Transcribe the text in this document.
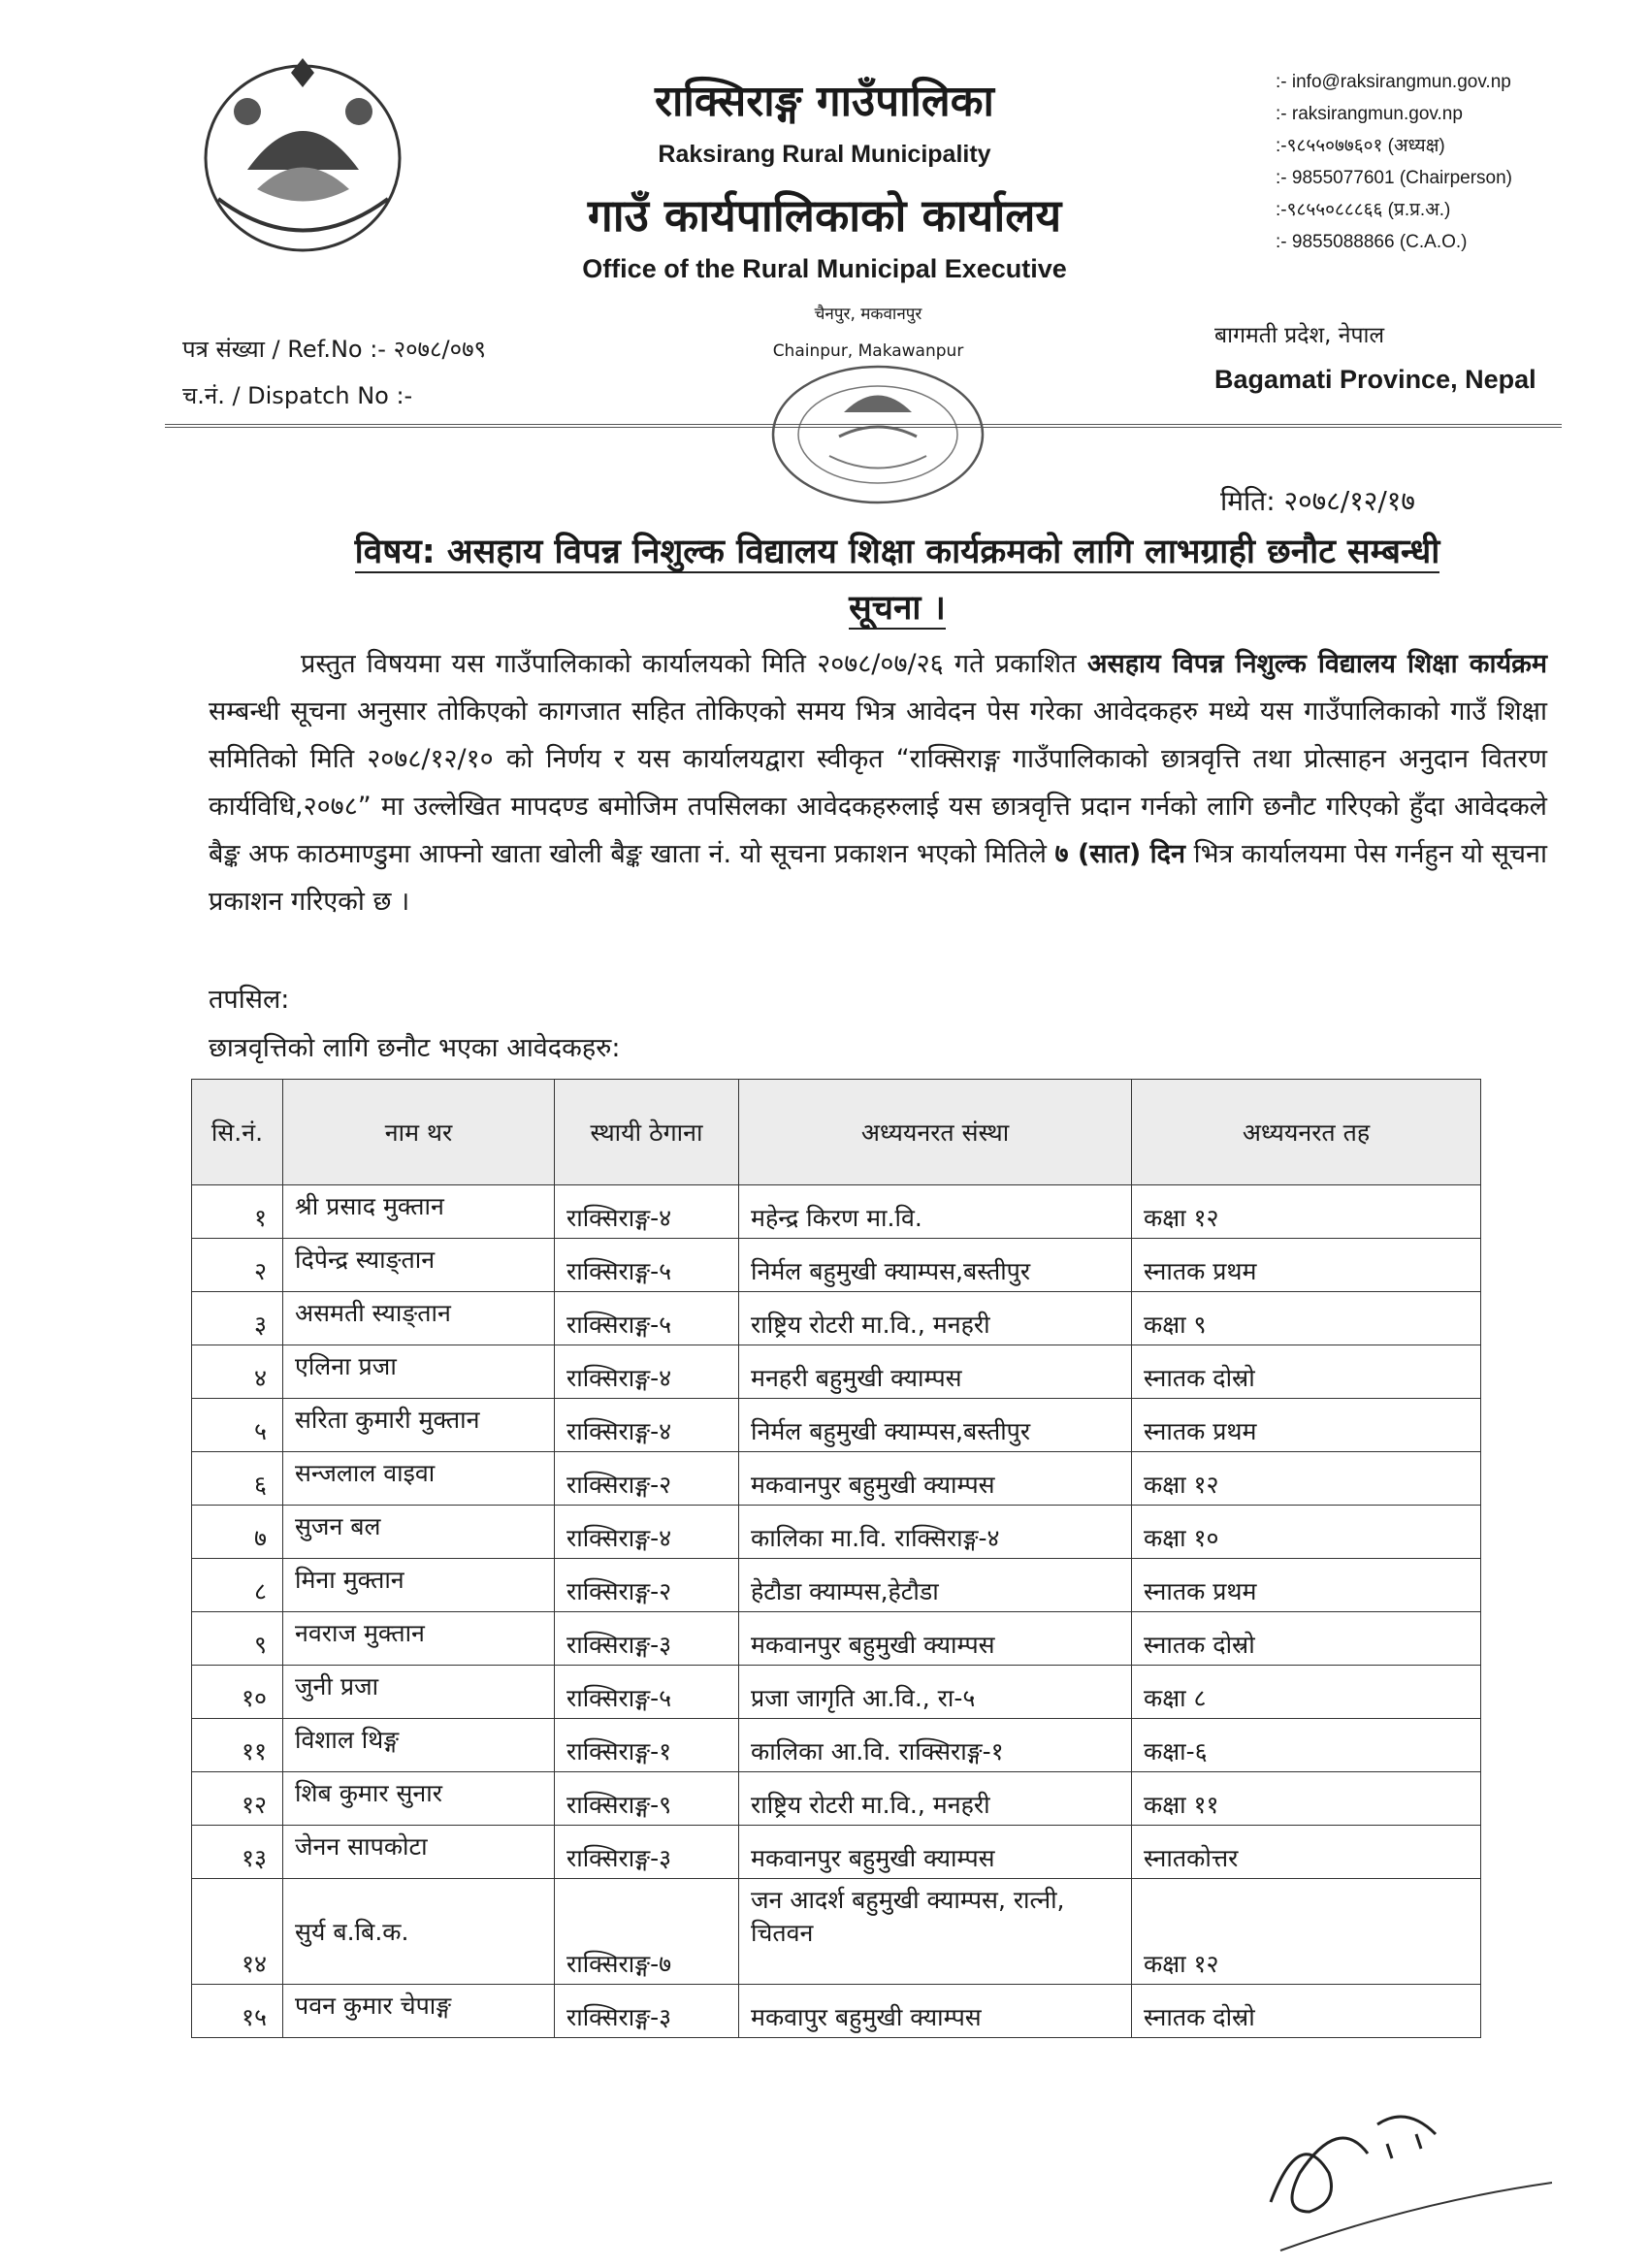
राक्सिराङ्ग गाउँपालिका
Raksirang Rural Municipality
गाउँ कार्यपालिकाको कार्यालय
Office of the Rural Municipal Executive
:- info@raksirangmun.gov.np
:- raksirangmun.gov.np
:-९८५५०७७६०१ (अध्यक्ष)
:- 9855077601 (Chairperson)
:-९८५५०८८८६६ (प्र.प्र.अ.)
:- 9855088866 (C.A.O.)
पत्र संख्या / Ref.No :- २०७८/०७९
च.नं. / Dispatch No :-
चैनपुर, मकवानपुर
Chainpur, Makawanpur
बागमती प्रदेश, नेपाल
Bagamati Province, Nepal
मिति: २०७८/१२/१७
विषय: असहाय विपन्न निशुल्क विद्यालय शिक्षा कार्यक्रमको लागि लाभग्राही छनौट सम्बन्धी
सूचना ।
प्रस्तुत विषयमा यस गाउँपालिकाको कार्यालयको मिति २०७८/०७/२६ गते प्रकाशित असहाय विपन्न निशुल्क विद्यालय शिक्षा कार्यक्रम सम्बन्धी सूचना अनुसार तोकिएको कागजात सहित तोकिएको समय भित्र आवेदन पेस गरेका आवेदकहरु मध्ये यस गाउँपालिकाको गाउँ शिक्षा समितिको मिति २०७८/१२/१० को निर्णय र यस कार्यालयद्वारा स्वीकृत “राक्सिराङ्ग गाउँपालिकाको छात्रवृत्ति तथा प्रोत्साहन अनुदान वितरण कार्यविधि,२०७८” मा उल्लेखित मापदण्ड बमोजिम तपसिलका आवेदकहरुलाई यस छात्रवृत्ति प्रदान गर्नको लागि छनौट गरिएको हुँदा आवेदकले बैङ्क अफ काठमाण्डुमा आफ्नो खाता खोली बैङ्क खाता नं. यो सूचना प्रकाशन भएको मितिले ७ (सात) दिन भित्र कार्यालयमा पेस गर्नहुन यो सूचना प्रकाशन गरिएको छ ।
तपसिल:
छात्रवृत्तिको लागि छनौट भएका आवेदकहरु:
सि.नं.	नाम थर	स्थायी ठेगाना	अध्ययनरत संस्था	अध्ययनरत तह
१	श्री प्रसाद मुक्तान	राक्सिराङ्ग-४	महेन्द्र किरण मा.वि.	कक्षा १२
२	दिपेन्द्र स्याङ्तान	राक्सिराङ्ग-५	निर्मल बहुमुखी क्याम्पस,बस्तीपुर	स्नातक प्रथम
३	असमती स्याङ्तान	राक्सिराङ्ग-५	राष्ट्रिय रोटरी मा.वि., मनहरी	कक्षा ९
४	एलिना प्रजा	राक्सिराङ्ग-४	मनहरी बहुमुखी क्याम्पस	स्नातक दोस्रो
५	सरिता कुमारी मुक्तान	राक्सिराङ्ग-४	निर्मल बहुमुखी क्याम्पस,बस्तीपुर	स्नातक प्रथम
६	सन्जलाल वाइवा	राक्सिराङ्ग-२	मकवानपुर बहुमुखी क्याम्पस	कक्षा १२
७	सुजन बल	राक्सिराङ्ग-४	कालिका मा.वि. राक्सिराङ्ग-४	कक्षा १०
८	मिना मुक्तान	राक्सिराङ्ग-२	हेटौडा क्याम्पस,हेटौडा	स्नातक प्रथम
९	नवराज मुक्तान	राक्सिराङ्ग-३	मकवानपुर बहुमुखी क्याम्पस	स्नातक दोस्रो
१०	जुनी प्रजा	राक्सिराङ्ग-५	प्रजा जागृति आ.वि., रा-५	कक्षा ८
११	विशाल थिङ्ग	राक्सिराङ्ग-१	कालिका आ.वि. राक्सिराङ्ग-१	कक्षा-६
१२	शिब कुमार सुनार	राक्सिराङ्ग-९	राष्ट्रिय रोटरी मा.वि., मनहरी	कक्षा ११
१३	जेनन सापकोटा	राक्सिराङ्ग-३	मकवानपुर बहुमुखी क्याम्पस	स्नातकोत्तर
१४	सुर्य ब.बि.क.	राक्सिराङ्ग-७	जन आदर्श बहुमुखी क्याम्पस, रात्नी, चितवन	कक्षा १२
१५	पवन कुमार चेपाङ्ग	राक्सिराङ्ग-३	मकवापुर बहुमुखी क्याम्पस	स्नातक दोस्रो
